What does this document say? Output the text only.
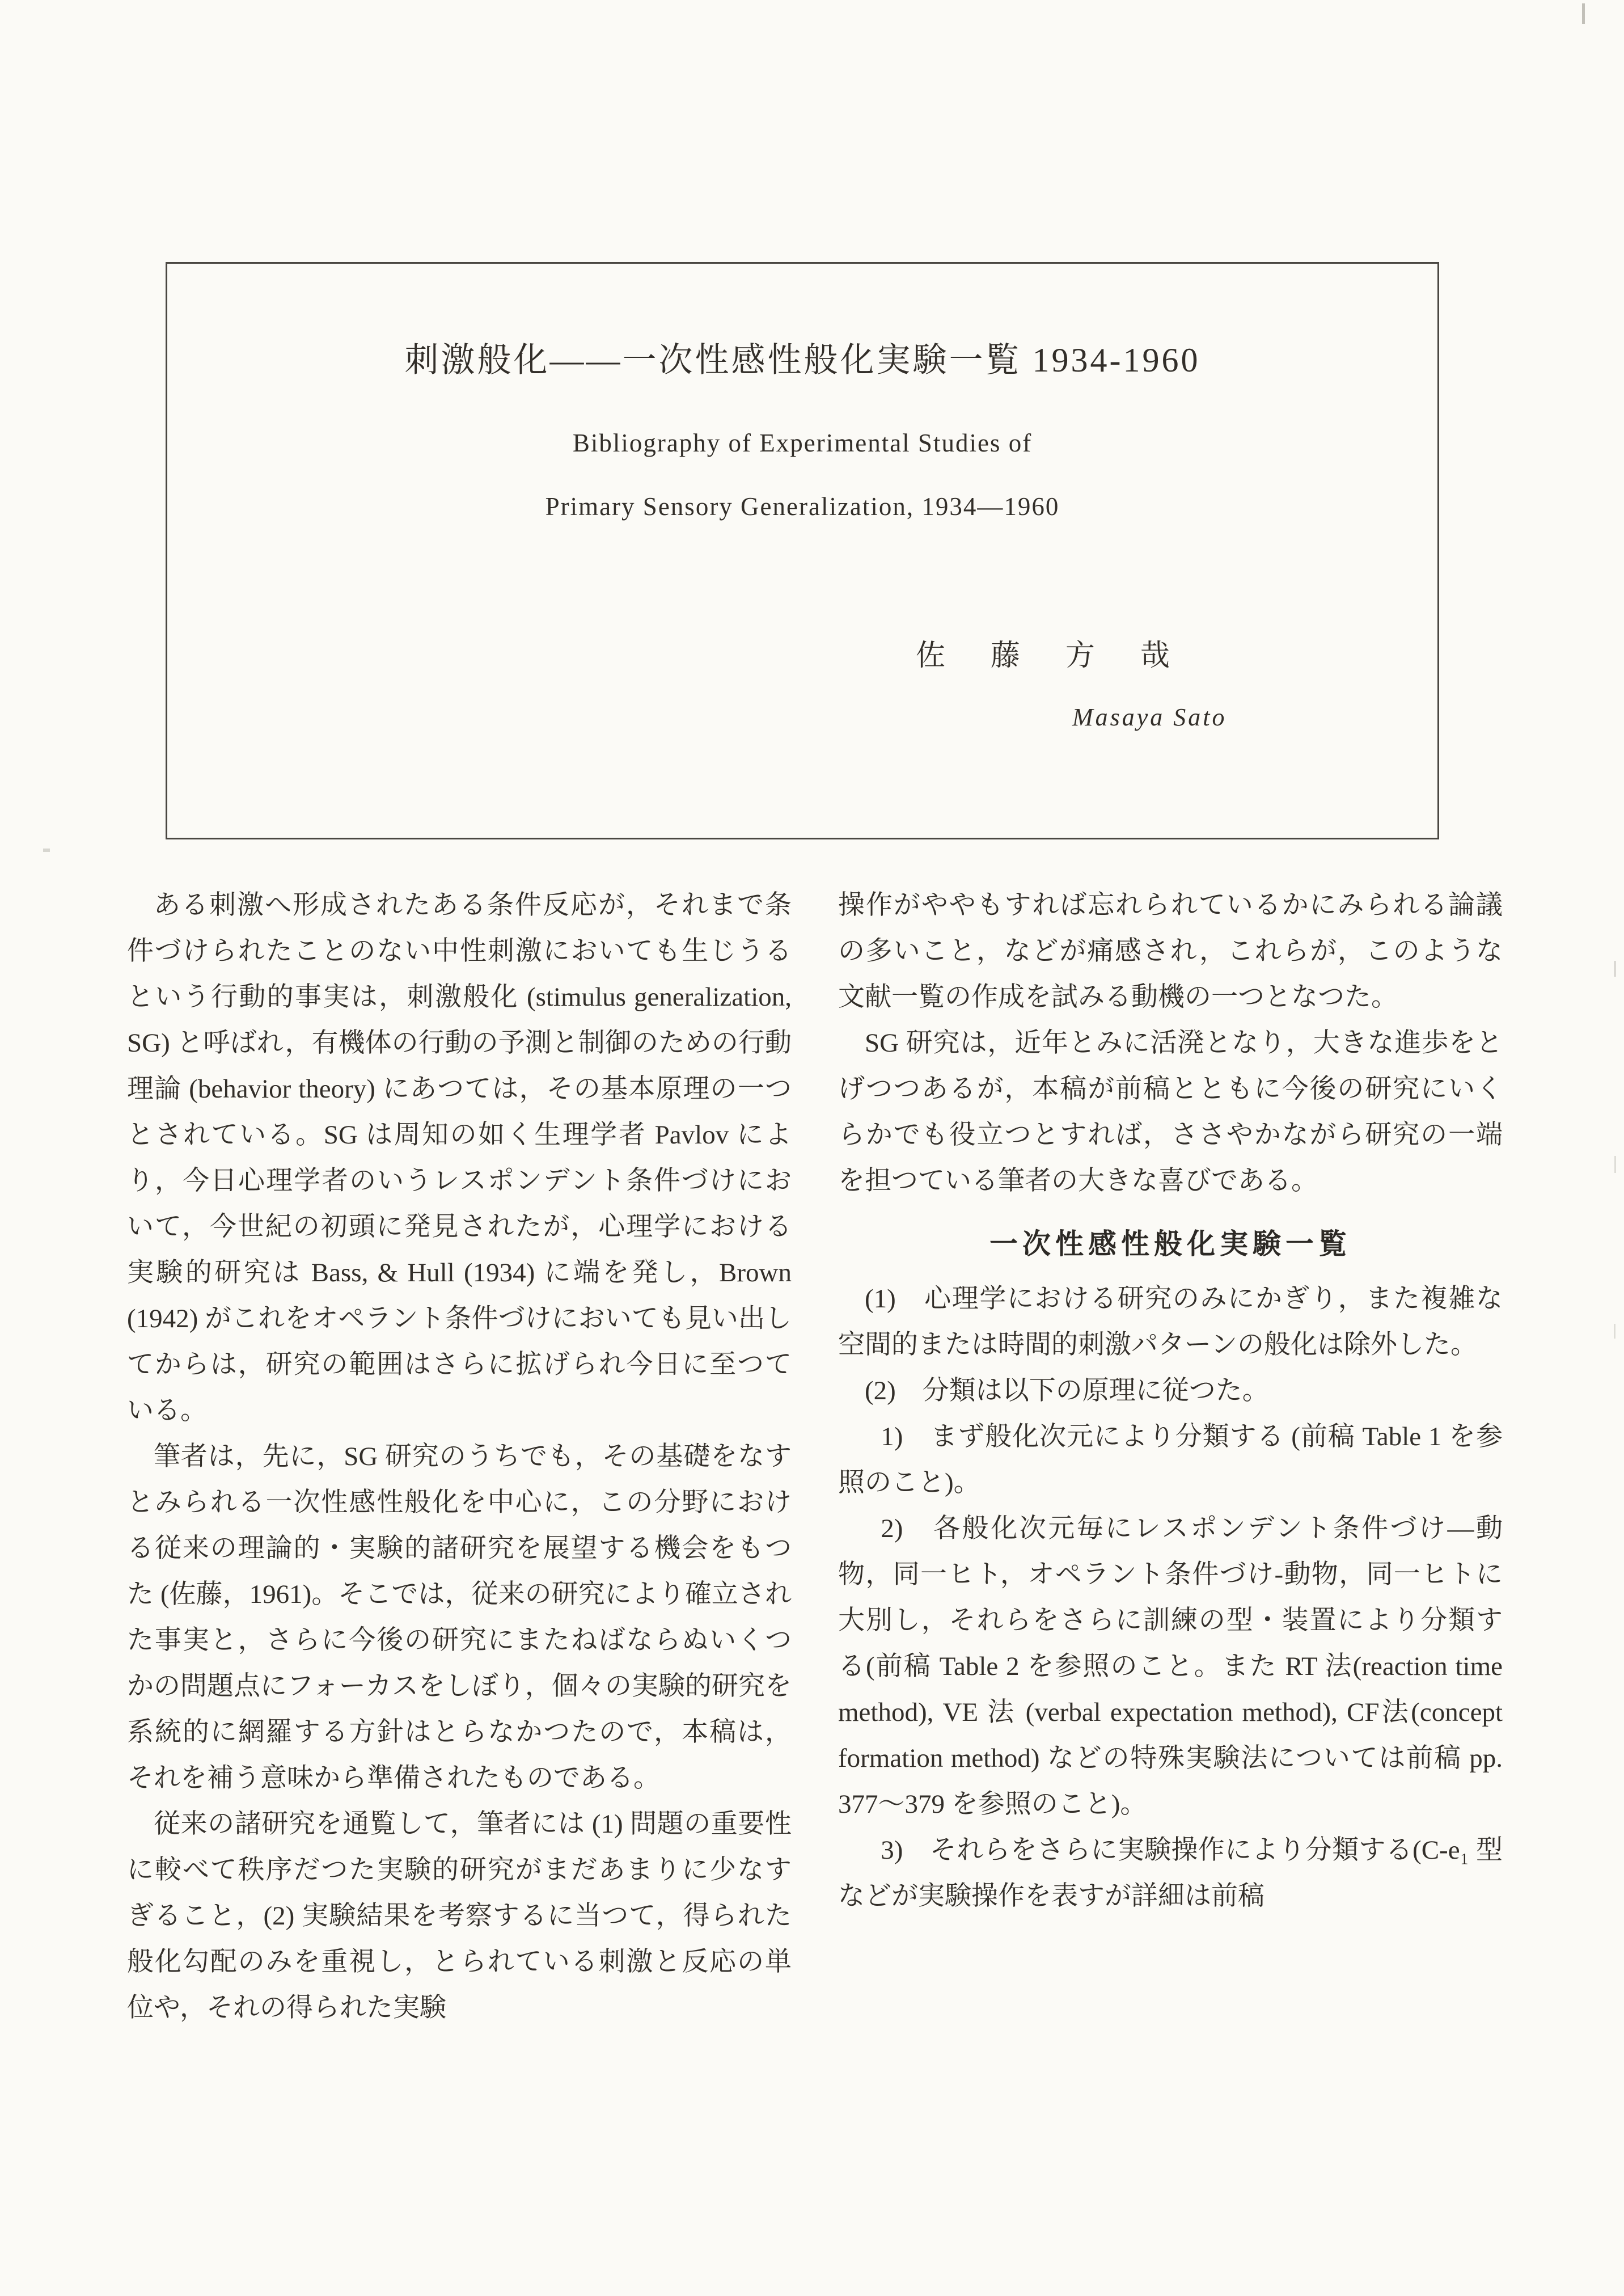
刺激般化——一次性感性般化実験一覧 1934-1960
Bibliography of Experimental Studies of
Primary Sensory Generalization, 1934—1960
佐　藤　方　哉
Masaya Sato

ある刺激へ形成されたある条件反応が，それまで条件づけられたことのない中性刺激においても生じうるという行動的事実は，刺激般化 (stimulus generalization, SG) と呼ばれ，有機体の行動の予測と制御のための行動理論 (behavior theory) にあつては，その基本原理の一つとされている。SG は周知の如く生理学者 Pavlov により，今日心理学者のいうレスポンデント条件づけにおいて，今世紀の初頭に発見されたが，心理学における実験的研究は Bass, & Hull (1934) に端を発し，Brown (1942) がこれをオペラント条件づけにおいても見い出してからは，研究の範囲はさらに拡げられ今日に至つている。

筆者は，先に，SG 研究のうちでも，その基礎をなすとみられる一次性感性般化を中心に，この分野における従来の理論的・実験的諸研究を展望する機会をもつた (佐藤，1961)。そこでは，従来の研究により確立された事実と，さらに今後の研究にまたねばならぬいくつかの問題点にフォーカスをしぼり，個々の実験的研究を系統的に網羅する方針はとらなかつたので，本稿は，それを補う意味から準備されたものである。

従来の諸研究を通覧して，筆者には (1) 問題の重要性に較べて秩序だつた実験的研究がまだあまりに少なすぎること，(2) 実験結果を考察するに当つて，得られた般化勾配のみを重視し，とられている刺激と反応の単位や，それの得られた実験

操作がややもすれば忘れられているかにみられる論議の多いこと，などが痛感され，これらが，このような文献一覧の作成を試みる動機の一つとなつた。

SG 研究は，近年とみに活溌となり，大きな進歩をとげつつあるが，本稿が前稿とともに今後の研究にいくらかでも役立つとすれば，ささやかながら研究の一端を担つている筆者の大きな喜びである。

一次性感性般化実験一覧

(1)　心理学における研究のみにかぎり，また複雑な空間的または時間的刺激パターンの般化は除外した。

(2)　分類は以下の原理に従つた。

1)　まず般化次元により分類する (前稿 Table 1 を参照のこと)。

2)　各般化次元毎にレスポンデント条件づけ—動物，同一ヒト，オペラント条件づけ-動物，同一ヒトに大別し，それらをさらに訓練の型・装置により分類する(前稿 Table 2 を参照のこと。また RT 法(reaction time method), VE 法 (verbal expectation method), CF法(concept formation method) などの特殊実験法については前稿 pp. 377～379 を参照のこと)。

3)　それらをさらに実験操作により分類する(C-e₁ 型などが実験操作を表すが詳細は前稿
